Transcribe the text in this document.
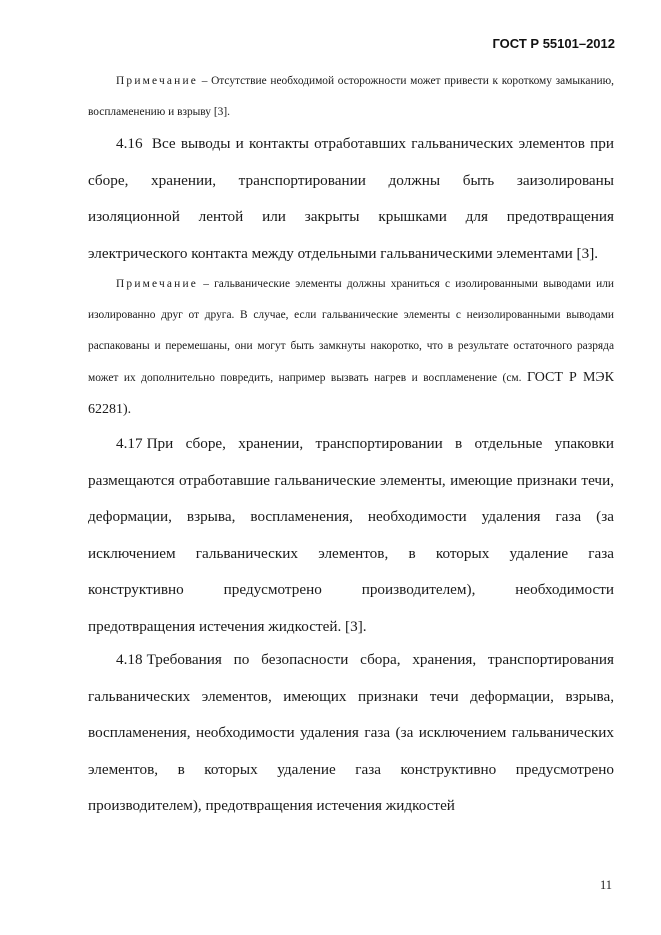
ГОСТ Р 55101–2012

Примечание – Отсутствие необходимой осторожности может привести к короткому замыканию, воспламенению и взрыву [3].

4.16 Все выводы и контакты отработавших гальванических элементов при сборе, хранении, транспортировании должны быть заизолированы изоляционной лентой или закрыты крышками для предотвращения электрического контакта между отдельными гальваническими элементами [3].

Примечание – гальванические элементы должны храниться с изолированными выводами или изолированно друг от друга. В случае, если гальванические элементы с неизолированными выводами распакованы и перемешаны, они могут быть замкнуты накоротко, что в результате остаточного разряда может их дополнительно повредить, например вызвать нагрев и воспламенение (см. ГОСТ Р МЭК 62281).

4.17 При сборе, хранении, транспортировании в отдельные упаковки размещаются отработавшие гальванические элементы, имеющие признаки течи, деформации, взрыва, воспламенения, необходимости удаления газа (за исключением гальванических элементов, в которых удаление газа конструктивно предусмотрено производителем), необходимости предотвращения истечения жидкостей. [3].

4.18 Требования по безопасности сбора, хранения, транспортирования гальванических элементов, имеющих признаки течи деформации, взрыва, воспламенения, необходимости удаления газа (за исключением гальванических элементов, в которых удаление газа конструктивно предусмотрено производителем), предотвращения истечения жидкостей

11
